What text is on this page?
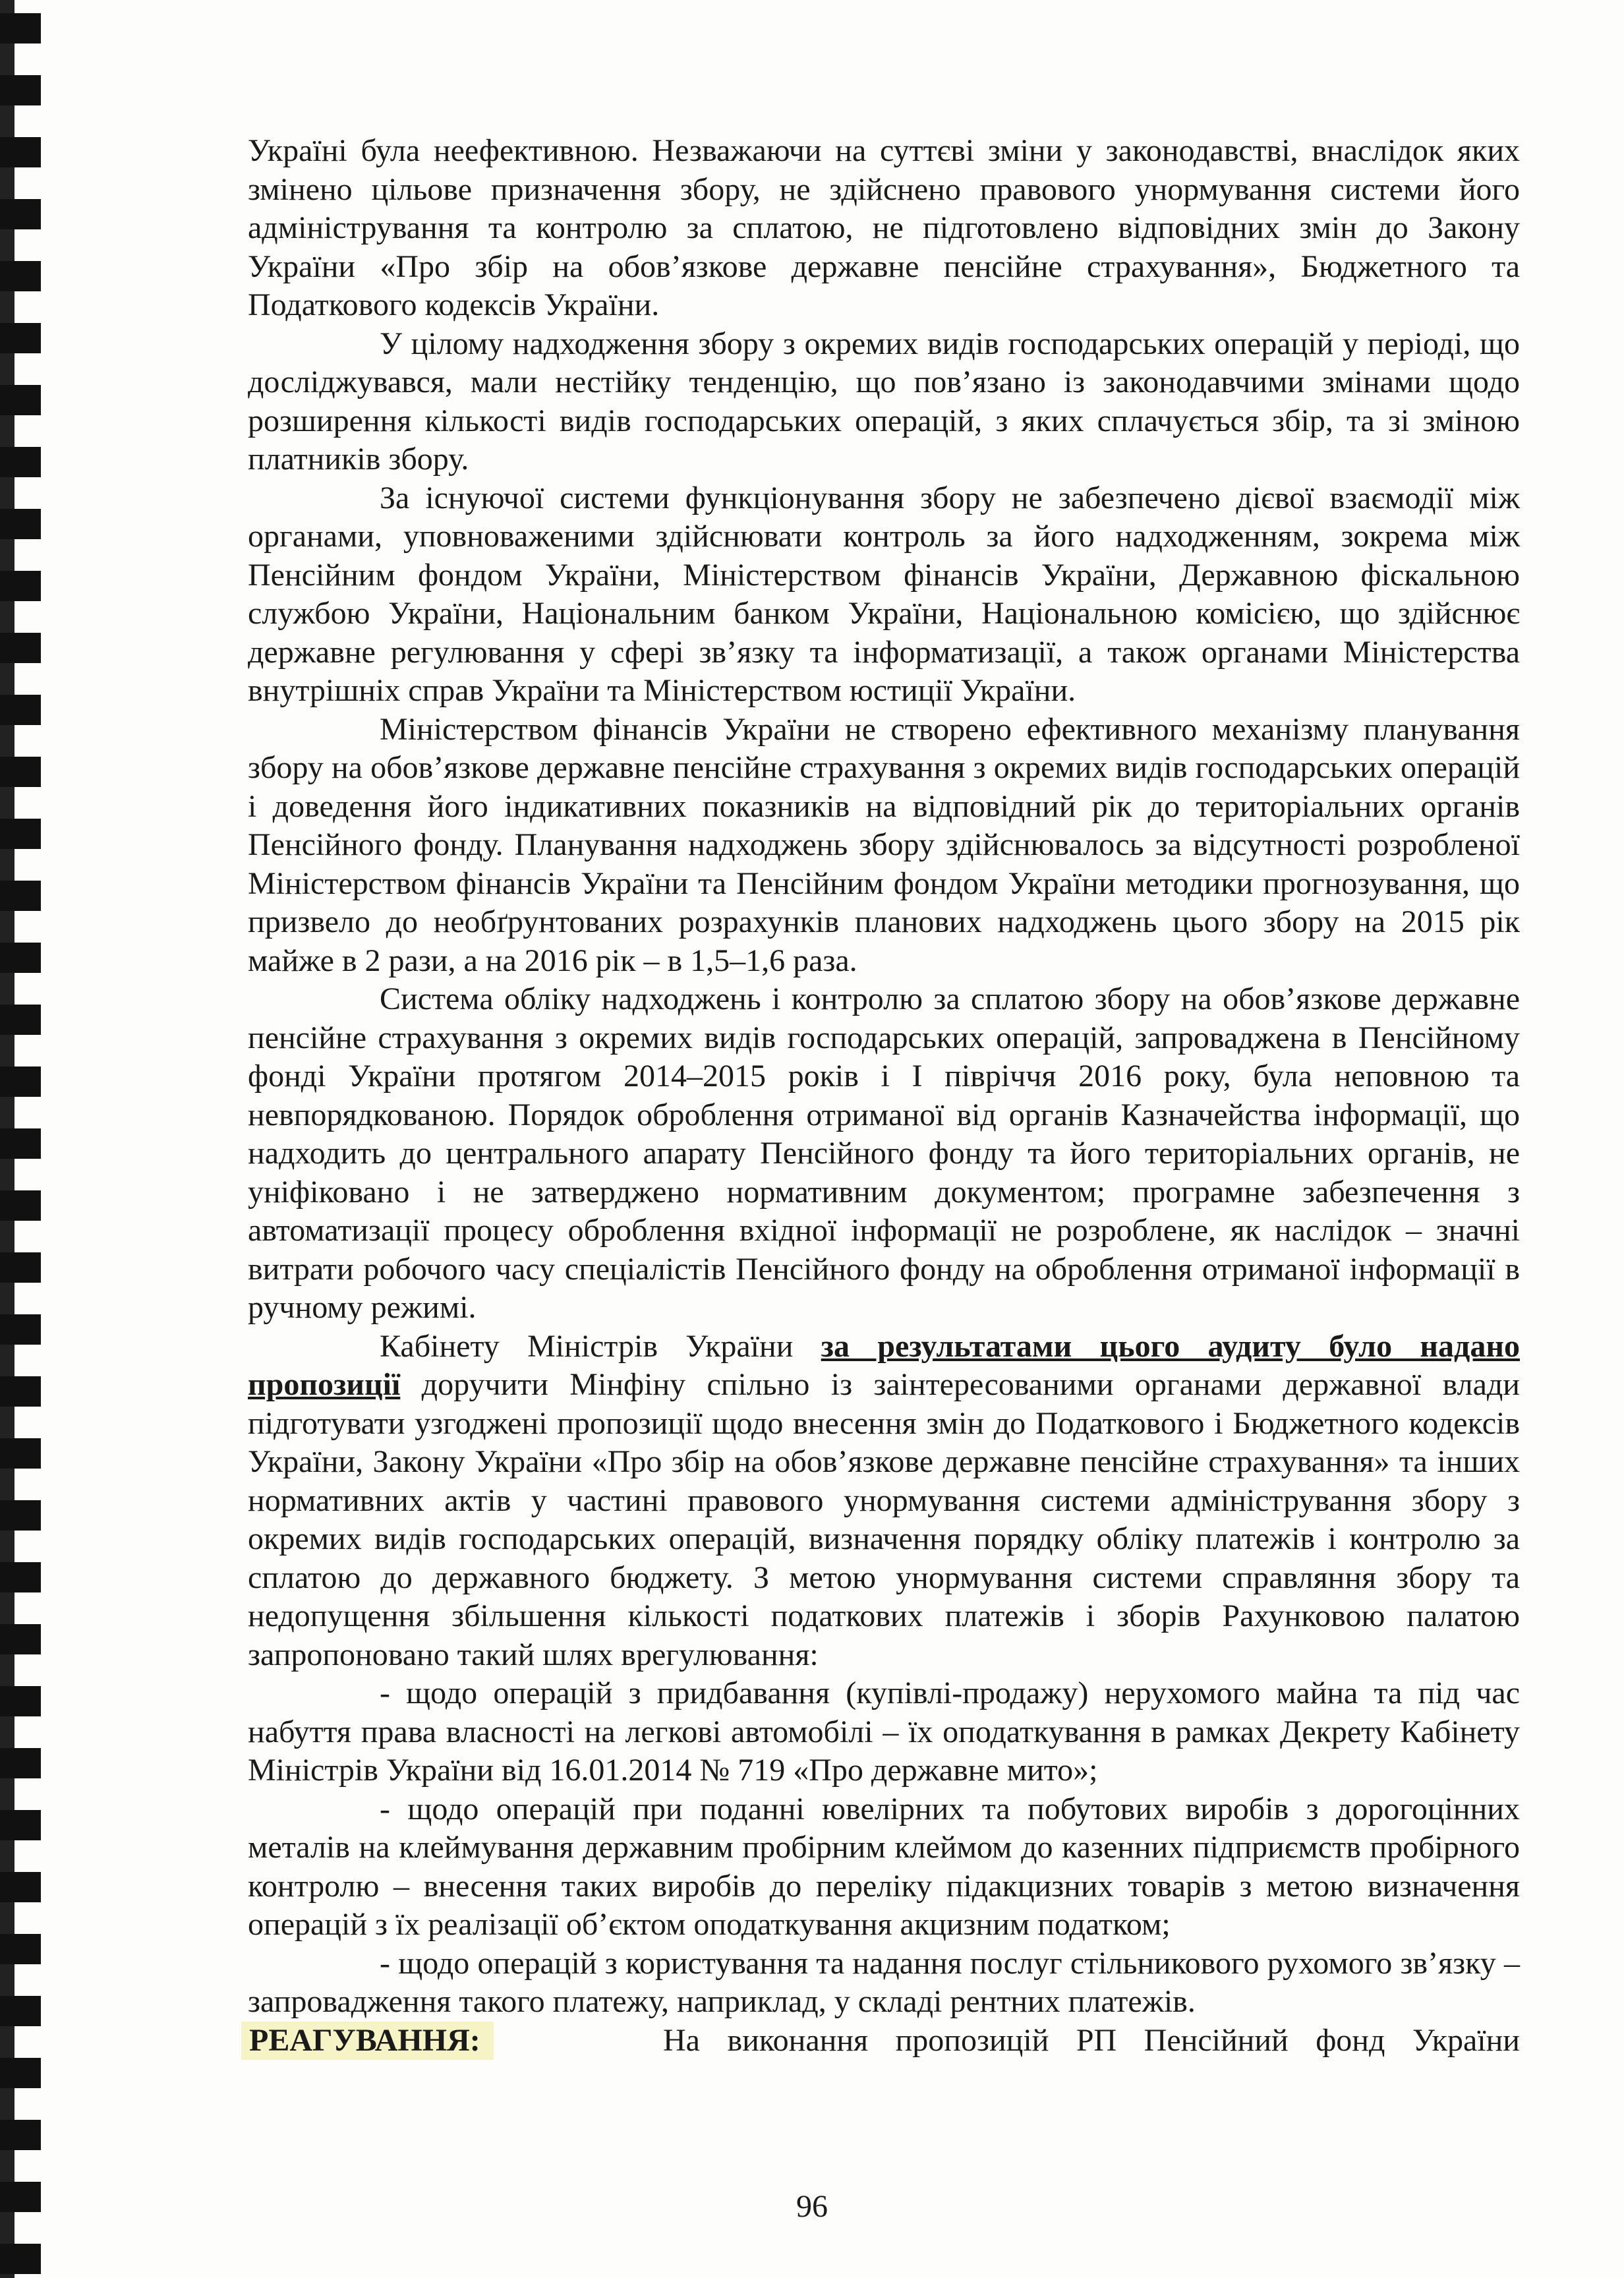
Україні була неефективною. Незважаючи на суттєві зміни у законодавстві, внаслідок яких змінено цільове призначення збору, не здійснено правового унормування системи його адміністрування та контролю за сплатою, не підготовлено відповідних змін до Закону України «Про збір на обов’язкове державне пенсійне страхування», Бюджетного та Податкового кодексів України.

У цілому надходження збору з окремих видів господарських операцій у періоді, що досліджувався, мали нестійку тенденцію, що пов’язано із законодавчими змінами щодо розширення кількості видів господарських операцій, з яких сплачується збір, та зі зміною платників збору.

За існуючої системи функціонування збору не забезпечено дієвої взаємодії між органами, уповноваженими здійснювати контроль за його надходженням, зокрема між Пенсійним фондом України, Міністерством фінансів України, Державною фіскальною службою України, Національним банком України, Національною комісією, що здійснює державне регулювання у сфері зв’язку та інформатизації, а також органами Міністерства внутрішніх справ України та Міністерством юстиції України.

Міністерством фінансів України не створено ефективного механізму планування збору на обов’язкове державне пенсійне страхування з окремих видів господарських операцій і доведення його індикативних показників на відповідний рік до територіальних органів Пенсійного фонду. Планування надходжень збору здійснювалось за відсутності розробленої Міністерством фінансів України та Пенсійним фондом України методики прогнозування, що призвело до необґрунтованих розрахунків планових надходжень цього збору на 2015 рік майже в 2 рази, а на 2016 рік – в 1,5–1,6 раза.

Система обліку надходжень і контролю за сплатою збору на обов’язкове державне пенсійне страхування з окремих видів господарських операцій, запроваджена в Пенсійному фонді України протягом 2014–2015 років і І півріччя 2016 року, була неповною та невпорядкованою. Порядок оброблення отриманої від органів Казначейства інформації, що надходить до центрального апарату Пенсійного фонду та його територіальних органів, не уніфіковано і не затверджено нормативним документом; програмне забезпечення з автоматизації процесу оброблення вхідної інформації не розроблене, як наслідок – значні витрати робочого часу спеціалістів Пенсійного фонду на оброблення отриманої інформації в ручному режимі.

Кабінету Міністрів України за результатами цього аудиту було надано пропозиції доручити Мінфіну спільно із заінтересованими органами державної влади підготувати узгоджені пропозиції щодо внесення змін до Податкового і Бюджетного кодексів України, Закону України «Про збір на обов’язкове державне пенсійне страхування» та інших нормативних актів у частині правового унормування системи адміністрування збору з окремих видів господарських операцій, визначення порядку обліку платежів і контролю за сплатою до державного бюджету. З метою унормування системи справляння збору та недопущення збільшення кількості податкових платежів і зборів Рахунковою палатою запропоновано такий шлях врегулювання:

- щодо операцій з придбавання (купівлі-продажу) нерухомого майна та під час набуття права власності на легкові автомобілі – їх оподаткування в рамках Декрету Кабінету Міністрів України від 16.01.2014 № 719 «Про державне мито»;

- щодо операцій при поданні ювелірних та побутових виробів з дорогоцінних металів на клеймування державним пробірним клеймом до казенних підприємств пробірного контролю – внесення таких виробів до переліку підакцизних товарів з метою визначення операцій з їх реалізації об’єктом оподаткування акцизним податком;

- щодо операцій з користування та надання послуг стільникового рухомого зв’язку – запровадження такого платежу, наприклад, у складі рентних платежів.

РЕАГУВАННЯ:	На виконання пропозицій РП Пенсійний фонд України
96
